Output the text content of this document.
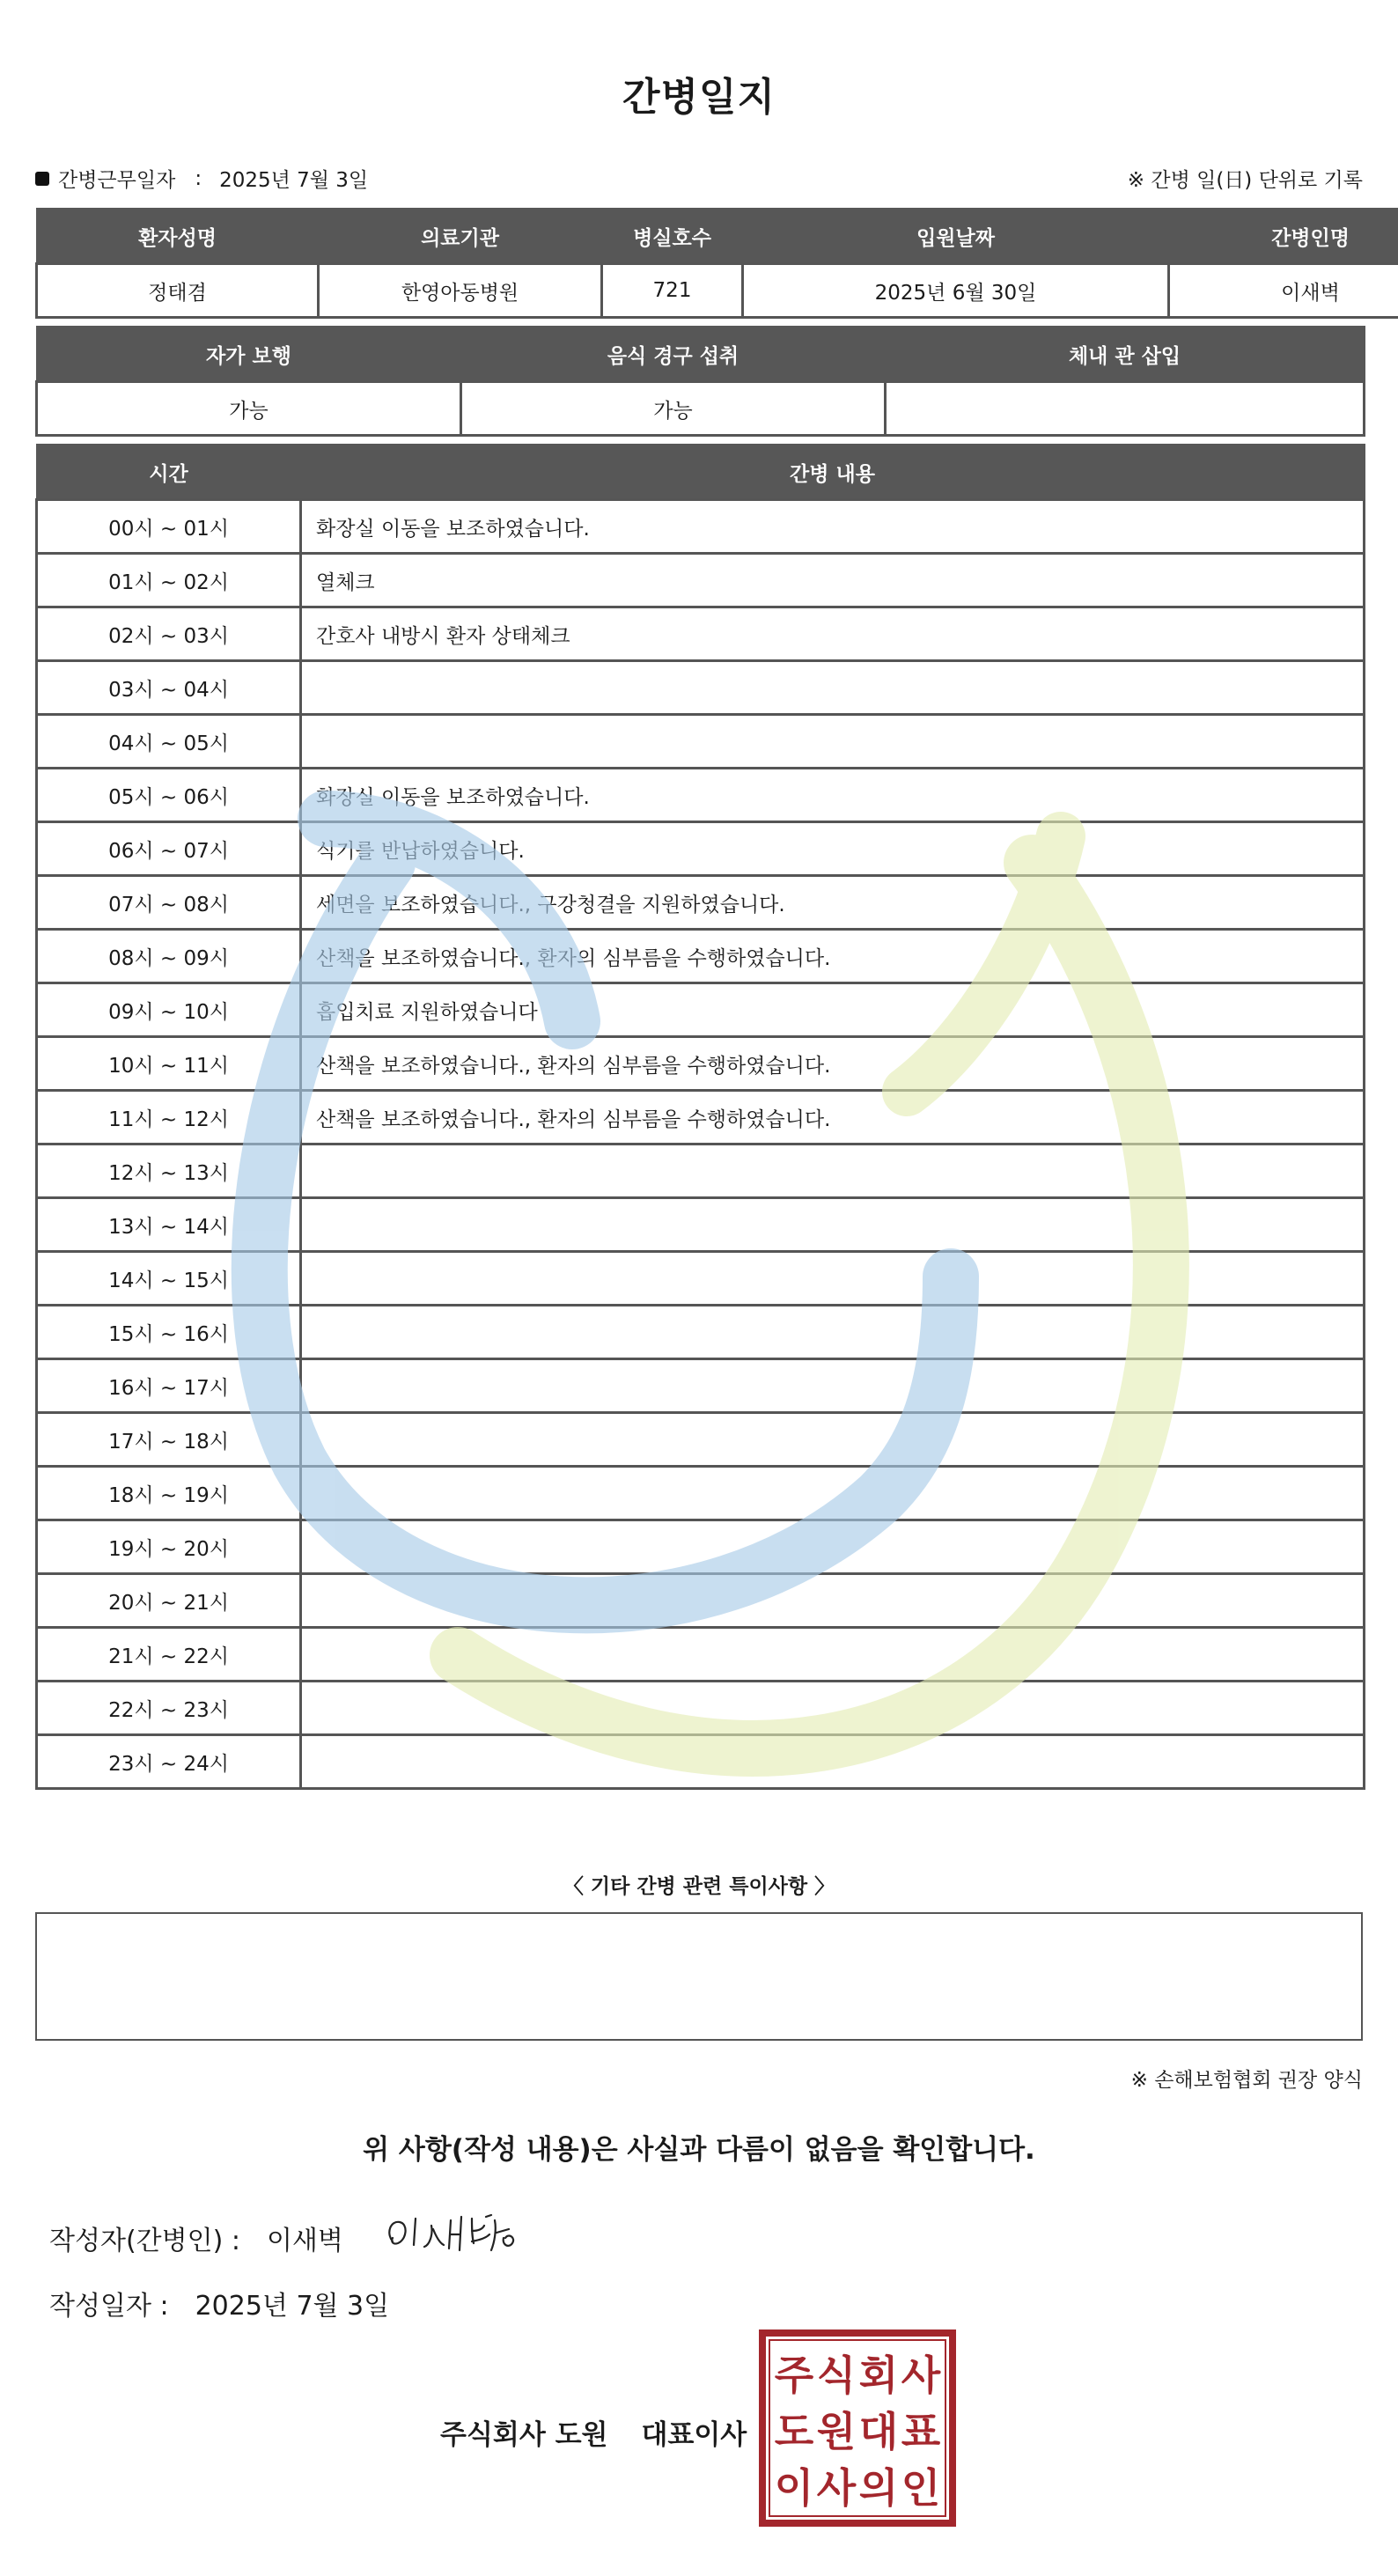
간병일지
간병근무일자 : 2025년 7월 3일	※ 간병 일(日) 단위로 기록
환자성명	의료기관	병실호수	입원날짜	간병인명
정태겸	한영아동병원	721	2025년 6월 30일	이새벽
자가 보행	음식 경구 섭취	체내 관 삽입
가능	가능	
시간	간병 내용
00시 ~ 01시	화장실 이동을 보조하였습니다.
01시 ~ 02시	열체크
02시 ~ 03시	간호사 내방시 환자 상태체크
03시 ~ 04시	
04시 ~ 05시	
05시 ~ 06시	화장실 이동을 보조하였습니다.
06시 ~ 07시	식기를 반납하였습니다.
07시 ~ 08시	세면을 보조하였습니다., 구강청결을 지원하였습니다.
08시 ~ 09시	산책을 보조하였습니다., 환자의 심부름을 수행하였습니다.
09시 ~ 10시	흡입치료 지원하였습니다
10시 ~ 11시	산책을 보조하였습니다., 환자의 심부름을 수행하였습니다.
11시 ~ 12시	산책을 보조하였습니다., 환자의 심부름을 수행하였습니다.
12시 ~ 13시	
13시 ~ 14시	
14시 ~ 15시	
15시 ~ 16시	
16시 ~ 17시	
17시 ~ 18시	
18시 ~ 19시	
19시 ~ 20시	
20시 ~ 21시	
21시 ~ 22시	
22시 ~ 23시	
23시 ~ 24시	
〈 기타 간병 관련 특이사항 〉
※ 손해보험협회 권장 양식
위 사항(작성 내용)은 사실과 다름이 없음을 확인합니다.
작성자(간병인) : 이새벽
작성일자 : 2025년 7월 3일
주식회사 도원 대표이사
주 식 회 사
도 원 대 표
이 사 의 인
